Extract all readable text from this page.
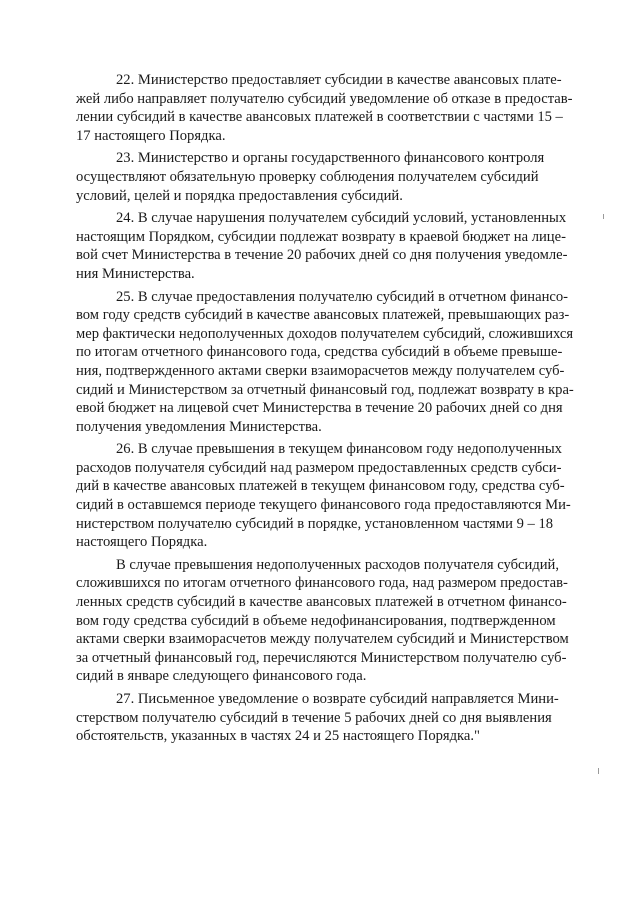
22. Министерство предоставляет субсидии в качестве авансовых плате-
жей либо направляет получателю субсидий уведомление об отказе в предостав-
лении субсидий в качестве авансовых платежей в соответствии с частями 15 –
17 настоящего Порядка.

23. Министерство и органы государственного финансового контроля
осуществляют обязательную проверку соблюдения получателем субсидий
условий, целей и порядка предоставления субсидий.

24. В случае нарушения получателем субсидий условий, установленных
настоящим Порядком, субсидии подлежат возврату в краевой бюджет на лице-
вой счет Министерства в течение 20 рабочих дней со дня получения уведомле-
ния Министерства.

25. В случае предоставления получателю субсидий в отчетном финансо-
вом году средств субсидий в качестве авансовых платежей, превышающих раз-
мер фактически недополученных доходов получателем субсидий, сложившихся
по итогам отчетного финансового года, средства субсидий в объеме превыше-
ния, подтвержденного актами сверки взаиморасчетов между получателем суб-
сидий и Министерством за отчетный финансовый год, подлежат возврату в кра-
евой бюджет на лицевой счет Министерства в течение 20 рабочих дней со дня
получения уведомления Министерства.

26. В случае превышения в текущем финансовом году недополученных
расходов получателя субсидий над размером предоставленных средств субси-
дий в качестве авансовых платежей в текущем финансовом году, средства суб-
сидий в оставшемся периоде текущего финансового года предоставляются Ми-
нистерством получателю субсидий в порядке, установленном частями 9 – 18
настоящего Порядка.

В случае превышения недополученных расходов получателя субсидий,
сложившихся по итогам отчетного финансового года, над размером предостав-
ленных средств субсидий в качестве авансовых платежей в отчетном финансо-
вом году средства субсидий в объеме недофинансирования, подтвержденном
актами сверки взаиморасчетов между получателем субсидий и Министерством
за отчетный финансовый год, перечисляются Министерством получателю суб-
сидий в январе следующего финансового года.

27. Письменное уведомление о возврате субсидий направляется Мини-
стерством получателю субсидий в течение 5 рабочих дней со дня выявления
обстоятельств, указанных в частях 24 и 25 настоящего Порядка."
